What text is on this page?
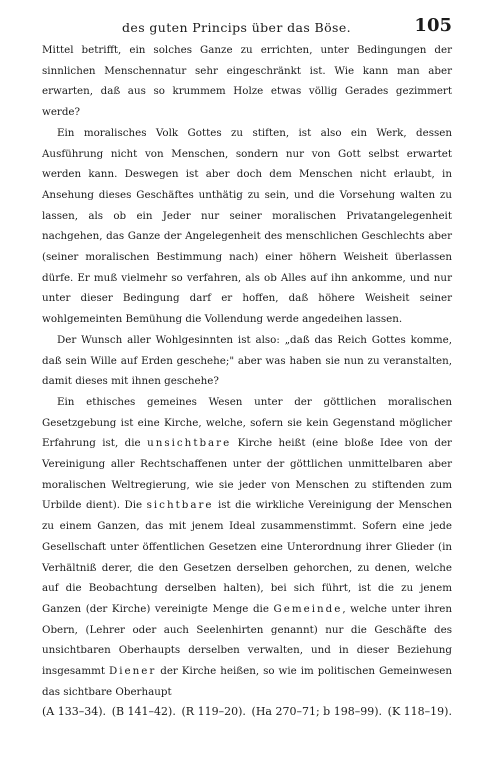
des guten Princips über das Böse.	105

Mittel betrifft, ein solches Ganze zu errichten, unter Bedingungen der sinnlichen Menschennatur sehr eingeschränkt ist. Wie kann man aber erwarten, daß aus so krummem Holze etwas völlig Gerades gezimmert werde?

Ein moralisches Volk Gottes zu stiften, ist also ein Werk, dessen Ausführung nicht von Menschen, sondern nur von Gott selbst erwartet werden kann. Deswegen ist aber doch dem Menschen nicht erlaubt, in Ansehung dieses Geschäftes unthätig zu sein, und die Vorsehung walten zu lassen, als ob ein Jeder nur seiner moralischen Privatangelegenheit nachgehen, das Ganze der Angelegenheit des menschlichen Geschlechts aber (seiner moralischen Bestimmung nach) einer höhern Weisheit überlassen dürfe. Er muß vielmehr so verfahren, als ob Alles auf ihn ankomme, und nur unter dieser Bedingung darf er hoffen, daß höhere Weisheit seiner wohlgemeinten Bemühung die Vollendung werde angedeihen lassen.

Der Wunsch aller Wohlgesinnten ist also: „daß das Reich Gottes komme, daß sein Wille auf Erden geschehe;" aber was haben sie nun zu veranstalten, damit dieses mit ihnen geschehe?

Ein ethisches gemeines Wesen unter der göttlichen moralischen Gesetzgebung ist eine Kirche, welche, sofern sie kein Gegenstand möglicher Erfahrung ist, die unsichtbare Kirche heißt (eine bloße Idee von der Vereinigung aller Rechtschaffenen unter der göttlichen unmittelbaren aber moralischen Weltregierung, wie sie jeder von Menschen zu stiftenden zum Urbilde dient). Die sichtbare ist die wirkliche Vereinigung der Menschen zu einem Ganzen, das mit jenem Ideal zusammenstimmt. Sofern eine jede Gesellschaft unter öffentlichen Gesetzen eine Unterordnung ihrer Glieder (in Verhältniß derer, die den Gesetzen derselben gehorchen, zu denen, welche auf die Beobachtung derselben halten), bei sich führt, ist die zu jenem Ganzen (der Kirche) vereinigte Menge die Gemeinde, welche unter ihren Obern, (Lehrer oder auch Seelenhirten genannt) nur die Geschäfte des unsichtbaren Oberhaupts derselben verwalten, und in dieser Beziehung insgesammt Diener der Kirche heißen, so wie im politischen Gemeinwesen das sichtbare Oberhaupt

(A 133–34). (B 141–42). (R 119–20). (Ha 270–71; b 198–99). (K 118–19).
